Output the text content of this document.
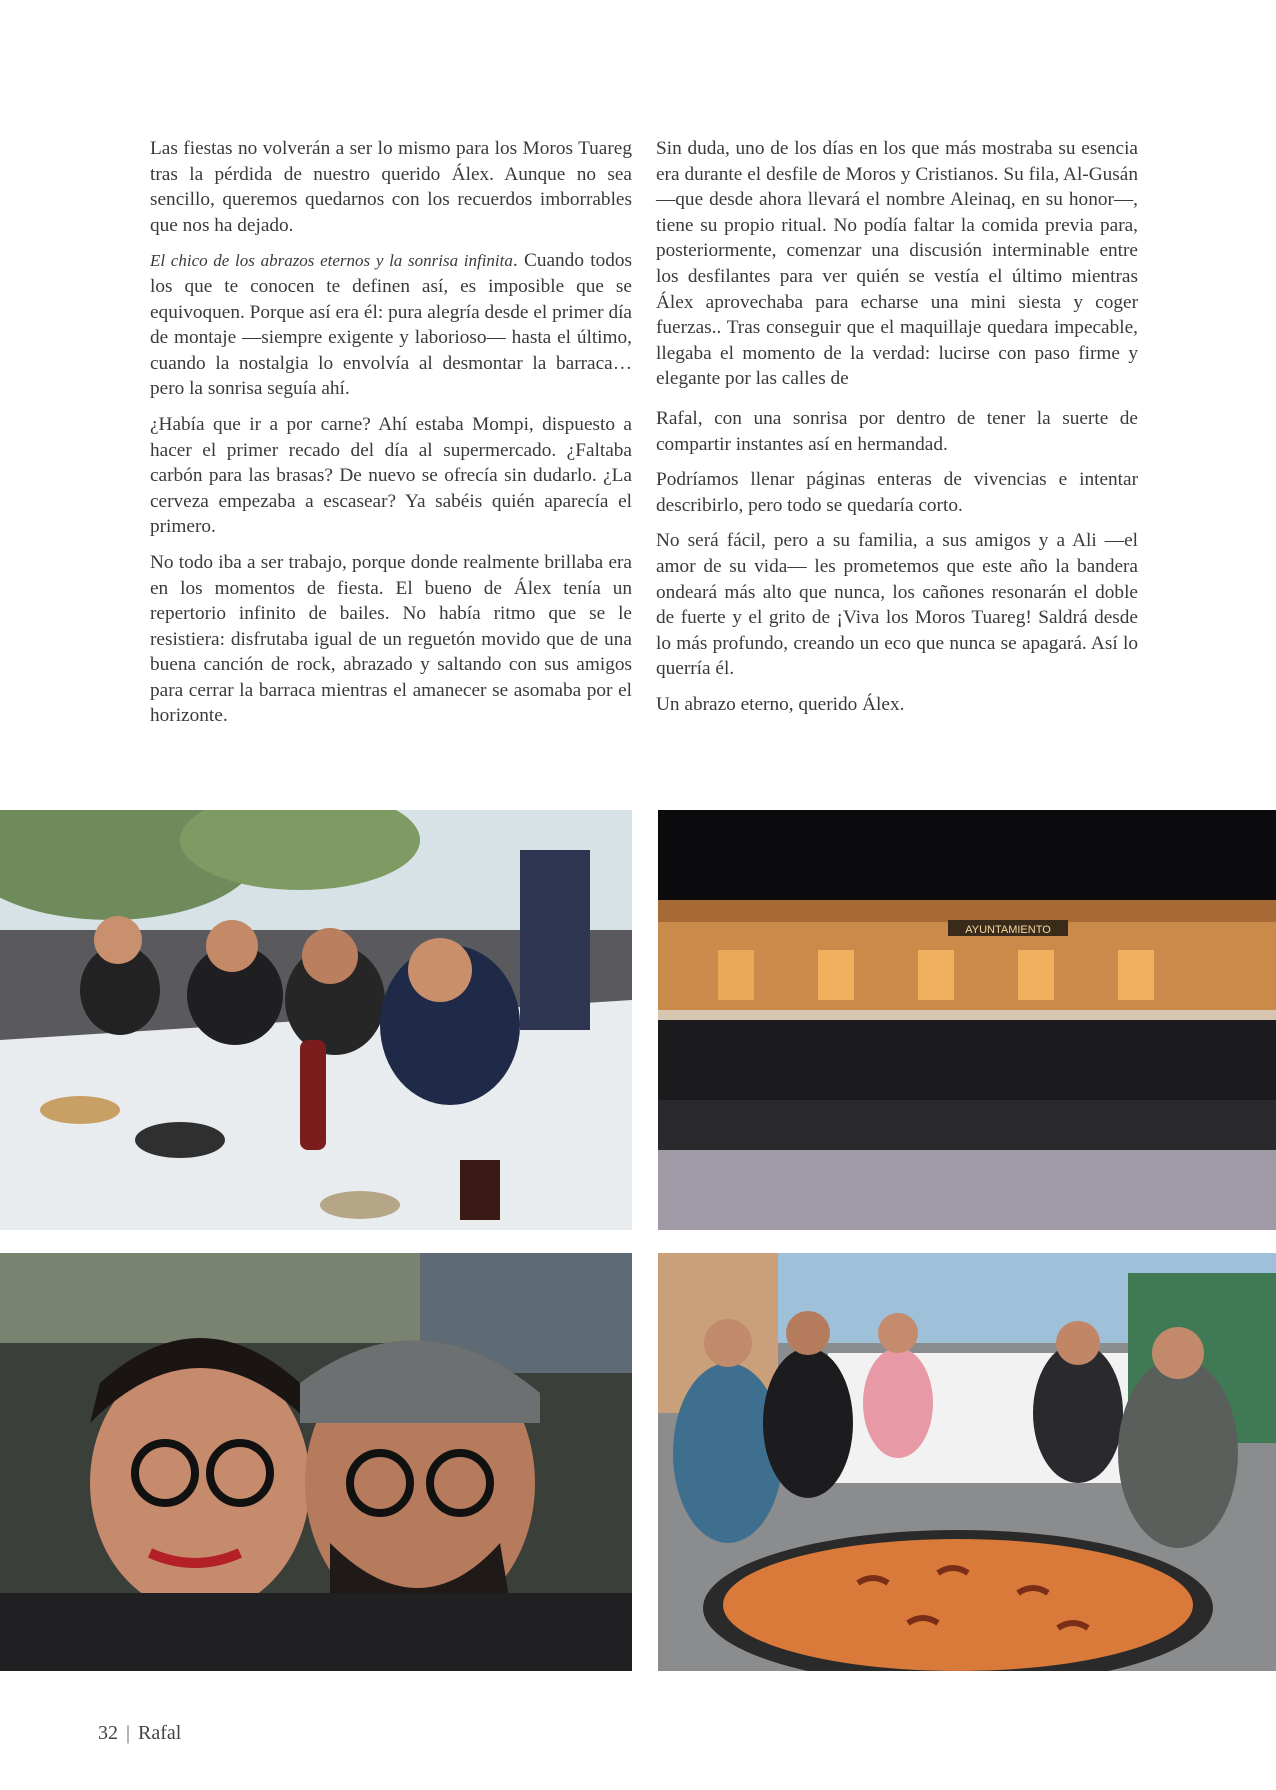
Las fiestas no volverán a ser lo mismo para los Moros Tuareg tras la pérdida de nuestro querido Álex. Aunque no sea sencillo, queremos quedarnos con los recuerdos imborrables que nos ha dejado.

El chico de los abrazos eternos y la sonrisa infinita. Cuando todos los que te conocen te definen así, es imposible que se equivoquen. Porque así era él: pura alegría desde el primer día de montaje —siempre exigente y laborioso— hasta el último, cuando la nostalgia lo envolvía al desmontar la barraca… pero la sonrisa seguía ahí.

¿Había que ir a por carne? Ahí estaba Mompi, dispuesto a hacer el primer recado del día al supermercado. ¿Faltaba carbón para las brasas? De nuevo se ofrecía sin dudarlo. ¿La cerveza empezaba a escasear? Ya sabéis quién aparecía el primero.

No todo iba a ser trabajo, porque donde realmente brillaba era en los momentos de fiesta. El bueno de Álex tenía un repertorio infinito de bailes. No había ritmo que se le resistiera: disfrutaba igual de un reguetón movido que de una buena canción de rock, abrazado y saltando con sus amigos para cerrar la barraca mientras el amanecer se asomaba por el horizonte.

Sin duda, uno de los días en los que más mostraba su esencia era durante el desfile de Moros y Cristianos. Su fila, Al-Gusán —que desde ahora llevará el nombre Aleinaq, en su honor—, tiene su propio ritual. No podía faltar la comida previa para, posteriormente, comenzar una discusión interminable entre los desfilantes para ver quién se vestía el último mientras Álex aprovechaba para echarse una mini siesta y coger fuerzas.. Tras conseguir que el maquillaje quedara impecable, llegaba el momento de la verdad: lucirse con paso firme y elegante por las calles de

Rafal, con una sonrisa por dentro de tener la suerte de compartir instantes así en hermandad.

Podríamos llenar páginas enteras de vivencias e intentar describirlo, pero todo se quedaría corto.

No será fácil, pero a su familia, a sus amigos y a Ali —el amor de su vida— les prometemos que este año la bandera ondeará más alto que nunca, los cañones resonarán el doble de fuerte y el grito de ¡Viva los Moros Tuareg! Saldrá desde lo más profundo, creando un eco que nunca se apagará. Así lo querría él.

Un abrazo eterno, querido Álex.

AYUNTAMIENTO
32 | Rafal
